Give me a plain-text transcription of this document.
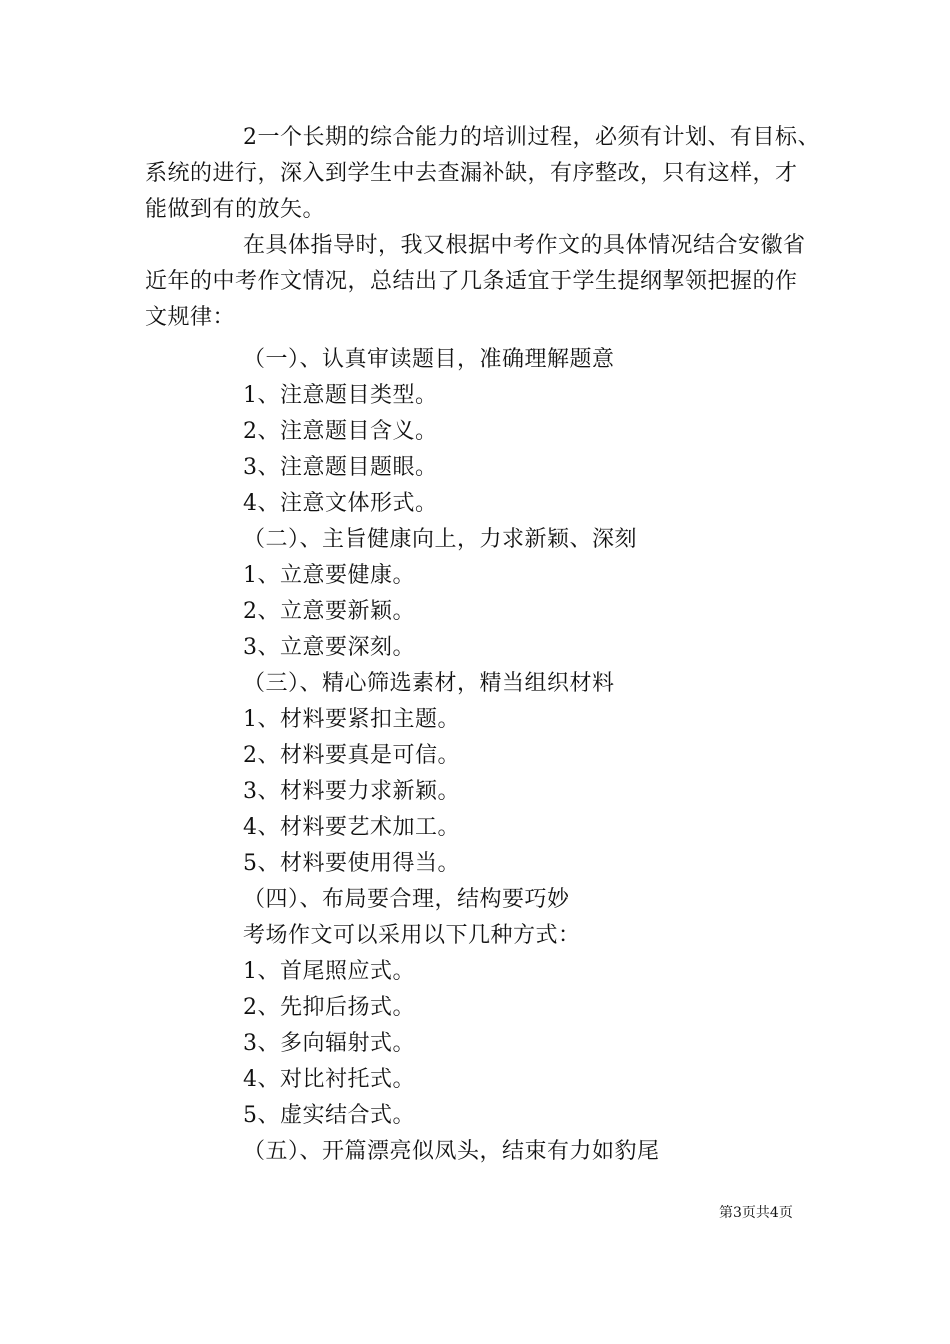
2一个长期的综合能力的培训过程，必须有计划、有目标、
系统的进行，深入到学生中去查漏补缺，有序整改，只有这样，才
能做到有的放矢。
在具体指导时，我又根据中考作文的具体情况结合安徽省
近年的中考作文情况，总结出了几条适宜于学生提纲挈领把握的作
文规律：
（一）、认真审读题目，准确理解题意
1、注意题目类型。
2、注意题目含义。
3、注意题目题眼。
4、注意文体形式。
（二）、主旨健康向上，力求新颖、深刻
1、立意要健康。
2、立意要新颖。
3、立意要深刻。
（三）、精心筛选素材，精当组织材料
1、材料要紧扣主题。
2、材料要真是可信。
3、材料要力求新颖。
4、材料要艺术加工。
5、材料要使用得当。
（四）、布局要合理，结构要巧妙
考场作文可以采用以下几种方式：
1、首尾照应式。
2、先抑后扬式。
3、多向辐射式。
4、对比衬托式。
5、虚实结合式。
（五）、开篇漂亮似凤头，结束有力如豹尾
第3页共4页
